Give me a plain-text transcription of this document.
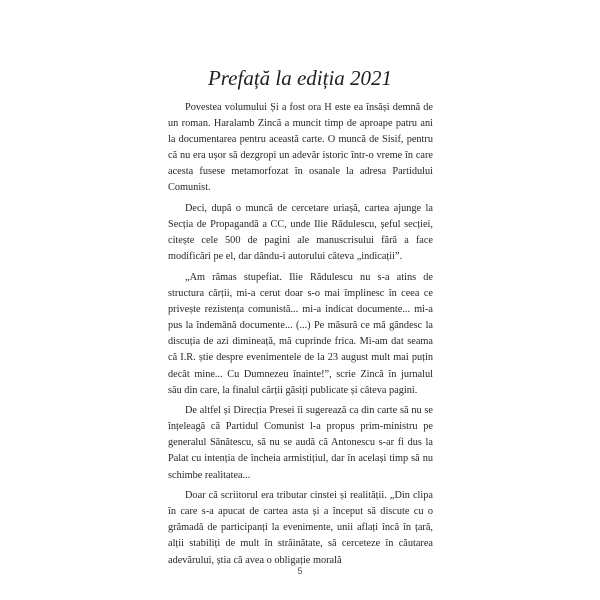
Prefață la ediția 2021

Povestea volumului Și a fost ora H este ea însăși demnă de un roman. Haralamb Zincă a muncit timp de aproape patru ani la documentarea pentru această carte. O muncă de Sisif, pentru că nu era ușor să dezgropi un adevăr istoric într-o vreme în care acesta fusese metamorfozat în osanale la adresa Partidului Comunist.

Deci, după o muncă de cercetare uriașă, cartea ajunge la Secția de Propagandă a CC, unde Ilie Rădulescu, șeful secției, citește cele 500 de pagini ale manuscrisului fără a face modificări pe el, dar dându-i autorului câteva „indicații”.

„Am rămas stupefiat. Ilie Rădulescu nu s-a atins de structura cărții, mi-a cerut doar s-o mai împlinesc în ceea ce privește rezistența comunistă... mi-a indicat documente... mi-a pus la îndemână documente... (...) Pe măsură ce mă gândesc la discuția de azi dimineață, mă cuprinde frica. Mi-am dat seama că I.R. știe despre evenimentele de la 23 august mult mai puțin decât mine... Cu Dumnezeu înainte!”, scrie Zincă în jurnalul său din care, la finalul cărții găsiți publicate și câteva pagini.

De altfel și Direcția Presei îi sugerează ca din carte să nu se înțeleagă că Partidul Comunist l-a propus prim-ministru pe generalul Sănătescu, să nu se audă că Antonescu s-ar fi dus la Palat cu intenția de încheia armistițiul, dar în același timp să nu schimbe realitatea...

Doar că scriitorul era tributar cinstei și realității. „Din clipa în care s-a apucat de cartea asta și a început să discute cu o grămadă de participanți la evenimente, unii aflați încă în țară, alții stabiliți de mult în străinătate, să cerceteze în căutarea adevărului, știa că avea o obligație morală

5
